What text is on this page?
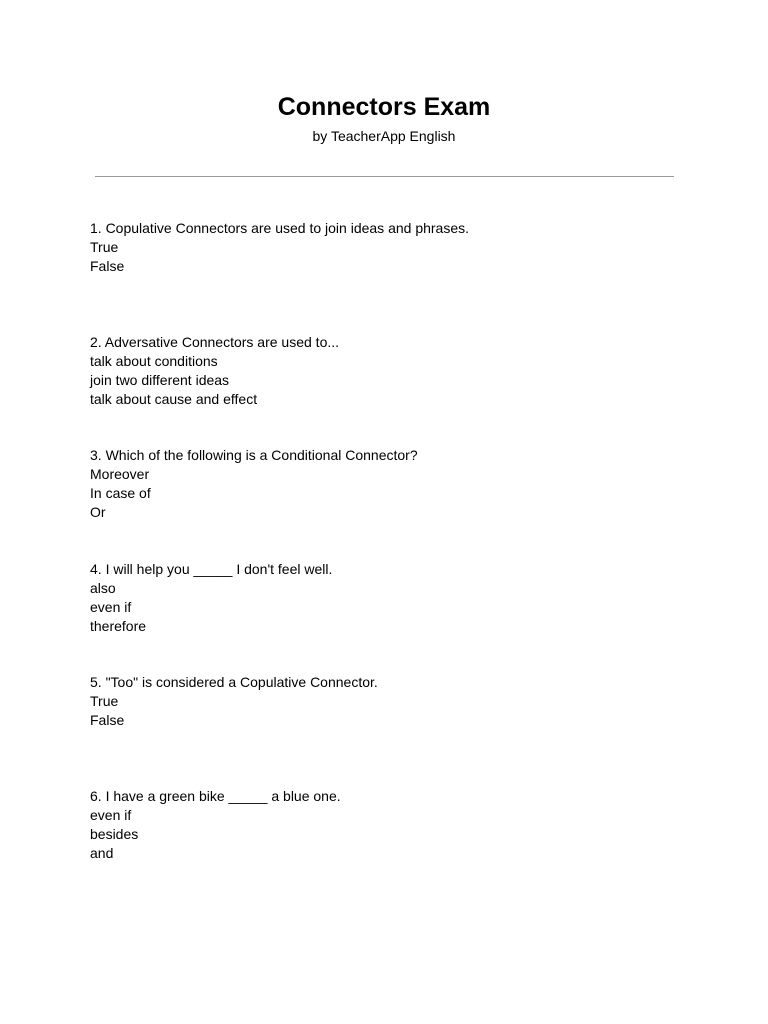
Connectors Exam
by TeacherApp English
1. Copulative Connectors are used to join ideas and phrases.
True
False
2. Adversative Connectors are used to...
talk about conditions
join two different ideas
talk about cause and effect
3. Which of the following is a Conditional Connector?
Moreover
In case of
Or
4. I will help you _____ I don't feel well.
also
even if
therefore
5. "Too" is considered a Copulative Connector.
True
False
6. I have a green bike _____ a blue one.
even if
besides
and
